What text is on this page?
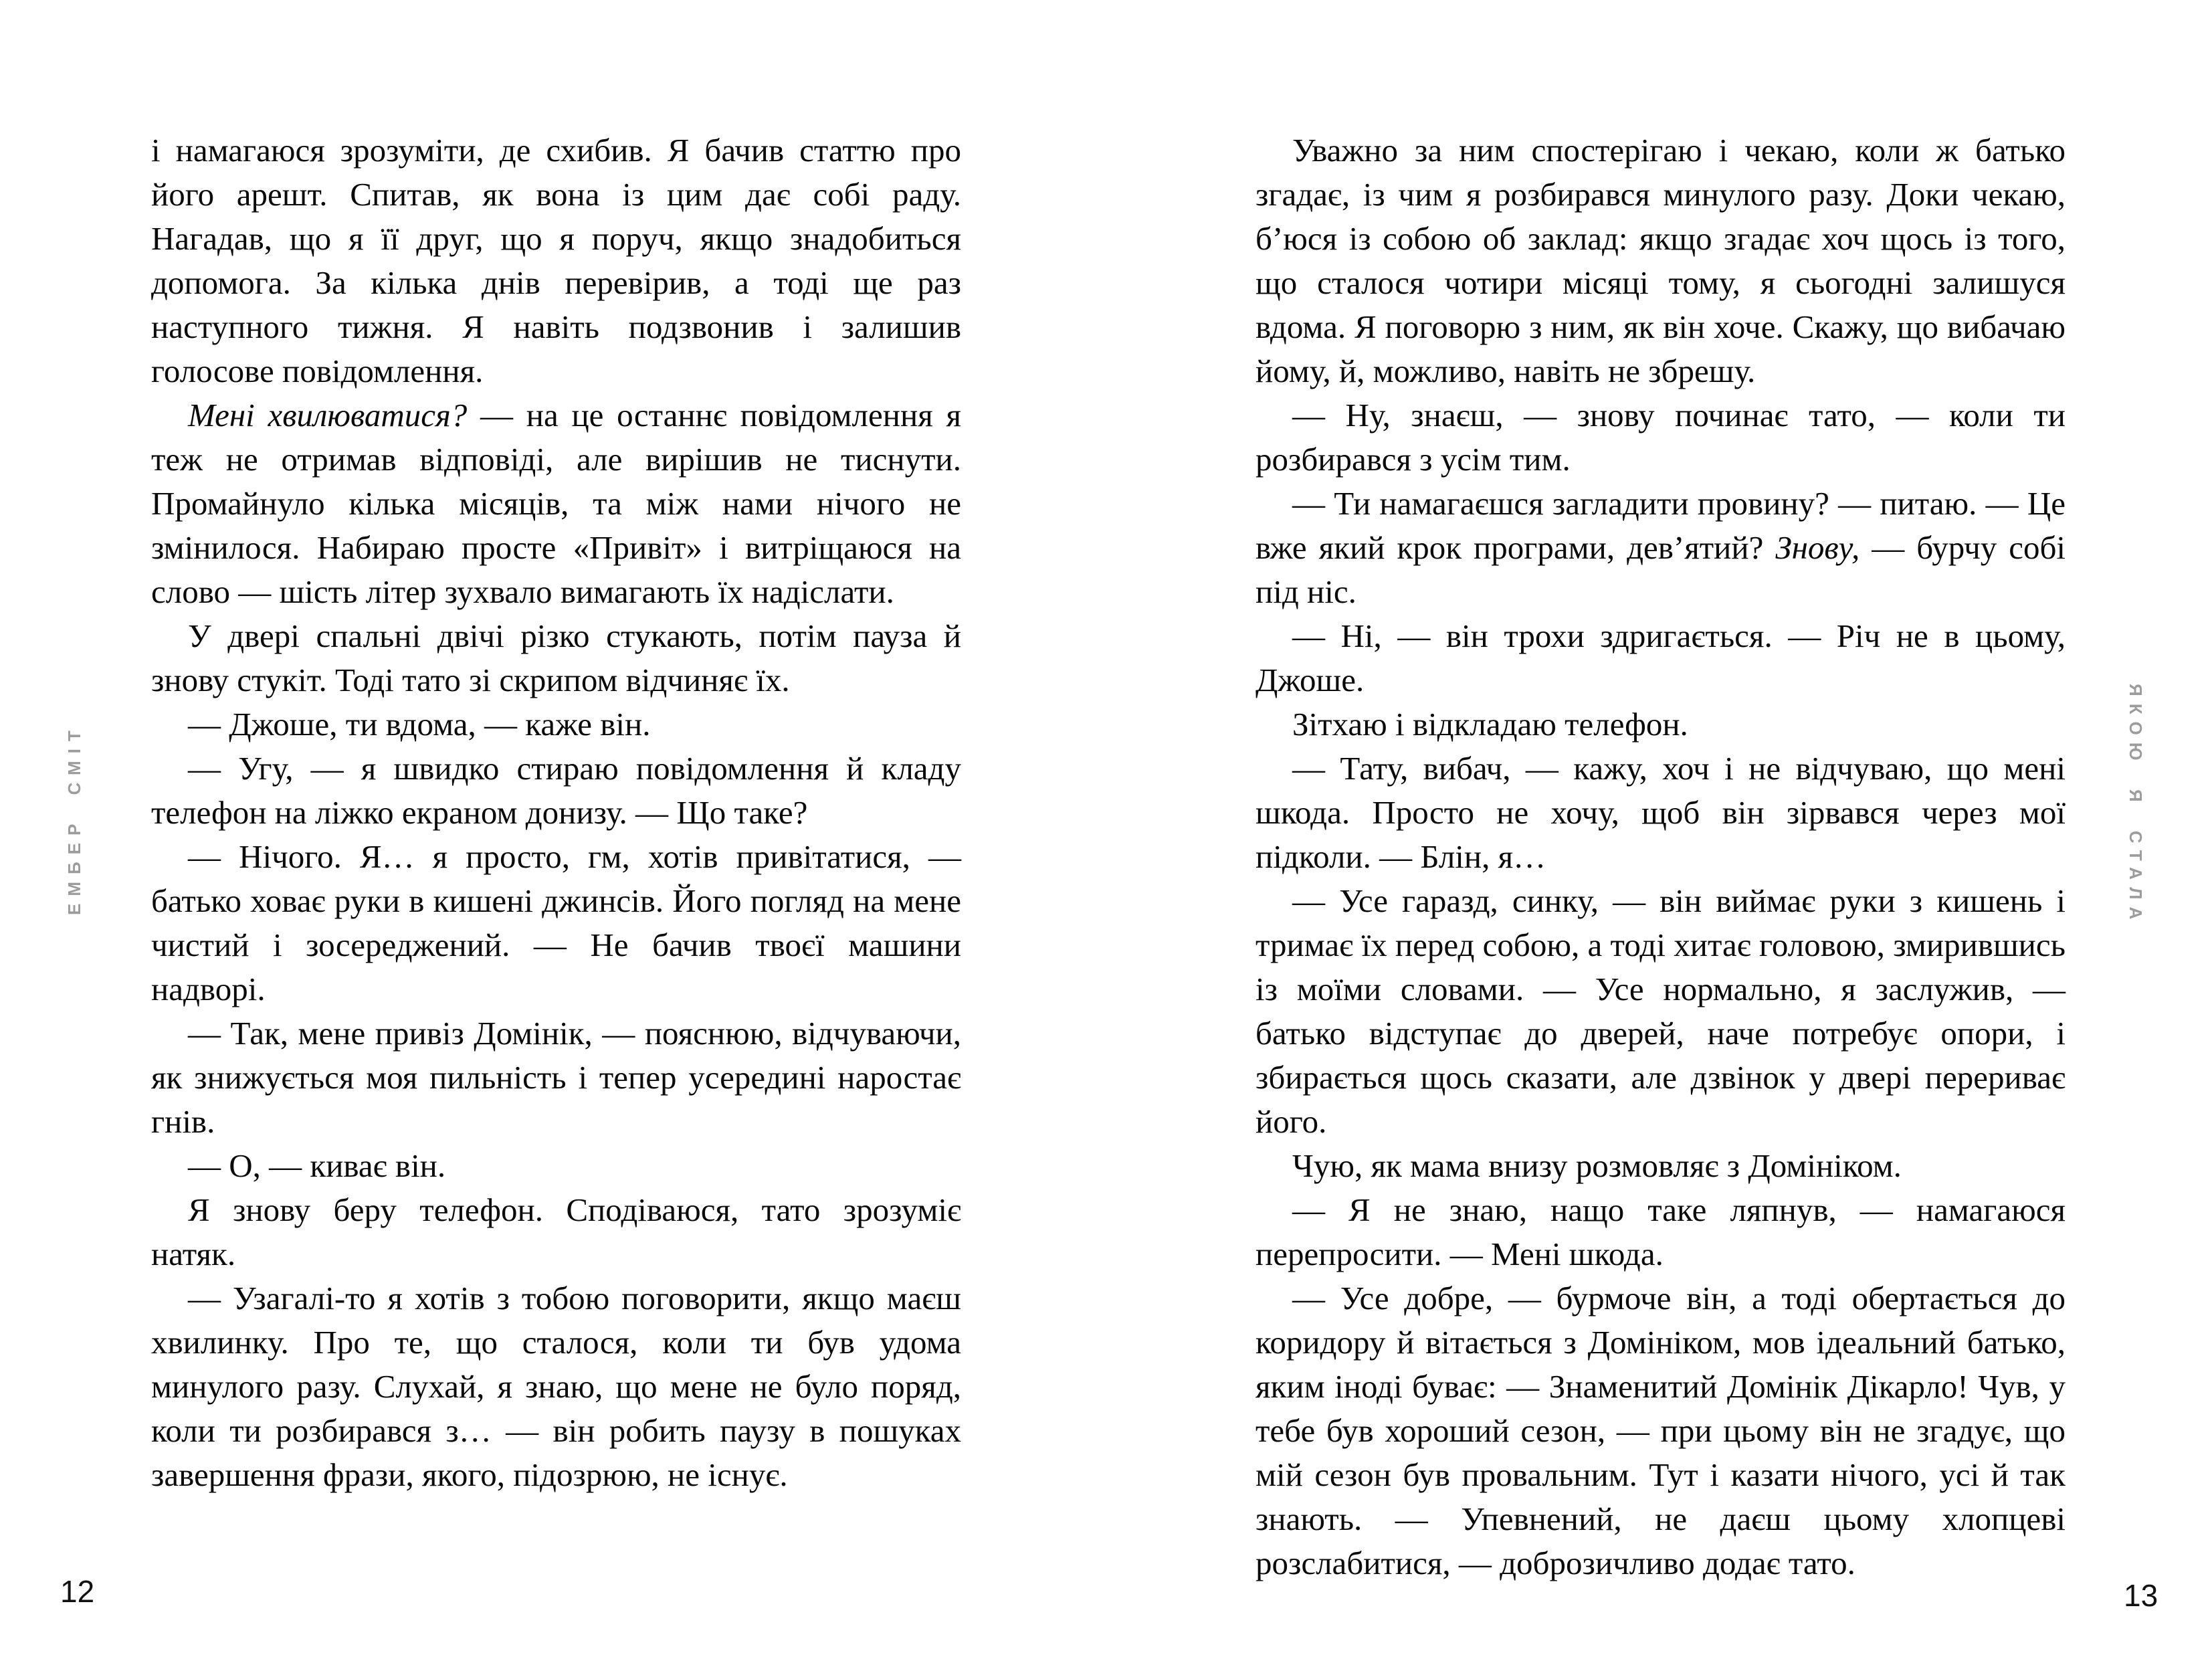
ЕМБЕР СМІТ

і намагаюся зрозуміти, де схибив. Я бачив статтю про його арешт. Спитав, як вона із цим дає собі раду. Нагадав, що я її друг, що я поруч, якщо знадобиться допомога. За кілька днів перевірив, а тоді ще раз наступного тижня. Я навіть подзвонив і залишив голосове повідомлення.

Мені хвилюватися? — на це останнє повідомлення я теж не отримав відповіді, але вирішив не тиснути. Промайнуло кілька місяців, та між нами нічого не змінилося. Набираю просте «Привіт» і витріщаюся на слово — шість літер зухвало вимагають їх надіслати.

У двері спальні двічі різко стукають, потім пауза й знову стукіт. Тоді тато зі скрипом відчиняє їх.

— Джоше, ти вдома, — каже він.

— Угу, — я швидко стираю повідомлення й кладу телефон на ліжко екраном донизу. — Що таке?

— Нічого. Я… я просто, гм, хотів привітатися, — батько ховає руки в кишені джинсів. Його погляд на мене чистий і зосереджений. — Не бачив твоєї машини надворі.

— Так, мене привіз Домінік, — пояснюю, відчуваючи, як знижується моя пильність і тепер усередині наростає гнів.

— О, — киває він.

Я знову беру телефон. Сподіваюся, тато зрозуміє натяк.

— Узагалі-то я хотів з тобою поговорити, якщо маєш хвилинку. Про те, що сталося, коли ти був удома минулого разу. Слухай, я знаю, що мене не було поряд, коли ти розбирався з… — він робить паузу в пошуках завершення фрази, якого, підозрюю, не існує.

12
ЯКОЮ Я СТАЛА

Уважно за ним спостерігаю і чекаю, коли ж батько згадає, із чим я розбирався минулого разу. Доки чекаю, б’юся із собою об заклад: якщо згадає хоч щось із того, що сталося чотири місяці тому, я сьогодні залишуся вдома. Я поговорю з ним, як він хоче. Скажу, що вибачаю йому, й, можливо, навіть не збрешу.

— Ну, знаєш, — знову починає тато, — коли ти розбирався з усім тим.

— Ти намагаєшся загладити провину? — питаю. — Це вже який крок програми, дев’ятий? Знову, — бурчу собі під ніс.

— Ні, — він трохи здригається. — Річ не в цьому, Джоше.

Зітхаю і відкладаю телефон.

— Тату, вибач, — кажу, хоч і не відчуваю, що мені шкода. Просто не хочу, щоб він зірвався через мої підколи. — Блін, я…

— Усе гаразд, синку, — він виймає руки з кишень і тримає їх перед собою, а тоді хитає головою, змирившись із моїми словами. — Усе нормально, я заслужив, — батько відступає до дверей, наче потребує опори, і збирається щось сказати, але дзвінок у двері перериває його.

Чую, як мама внизу розмовляє з Домініком.

— Я не знаю, нащо таке ляпнув, — намагаюся перепросити. — Мені шкода.

— Усе добре, — бурмоче він, а тоді обертається до коридору й вітається з Домініком, мов ідеальний батько, яким іноді буває: — Знаменитий Домінік Дікарло! Чув, у тебе був хороший сезон, — при цьому він не згадує, що мій сезон був провальним. Тут і казати нічого, усі й так знають. — Упевнений, не даєш цьому хлопцеві розслабитися, — доброзичливо додає тато.

13
